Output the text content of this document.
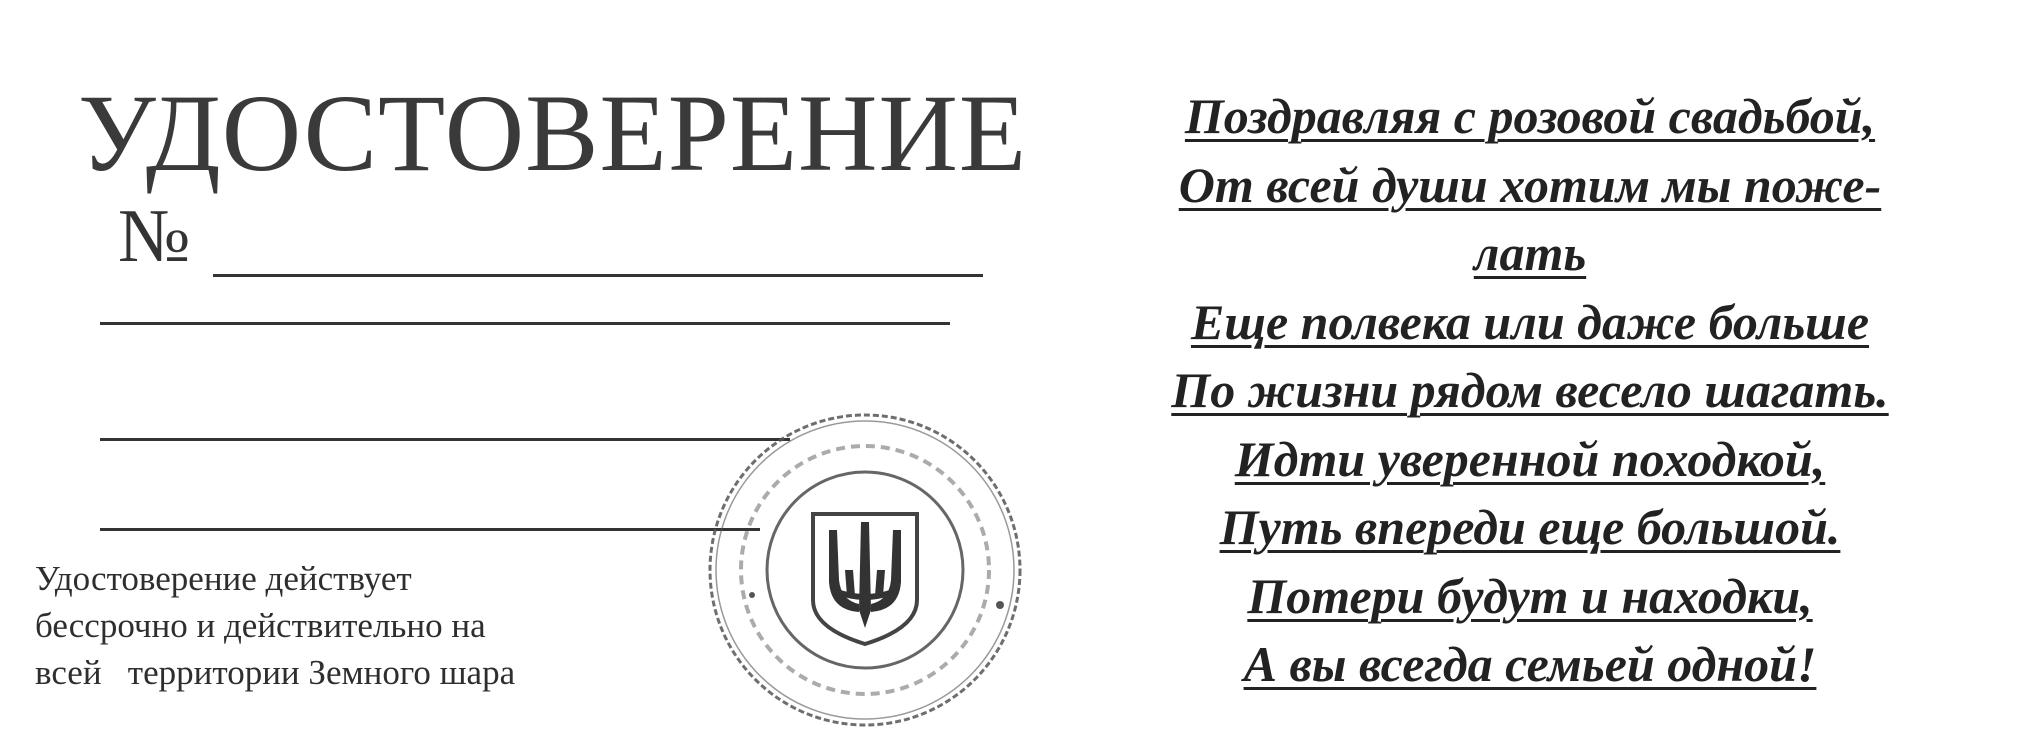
УДОСТОВЕРЕНИЕ
№
Удостоверение действует
бессрочно и действительно на
всей   территории Земного шара
Поздравляя с розовой свадьбой,
От всей души хотим мы поже-
лать
Еще полвека или даже больше
По жизни рядом весело шагать.
Идти уверенной походкой,
Путь впереди еще большой.
Потери будут и находки,
А вы всегда семьей одной!
